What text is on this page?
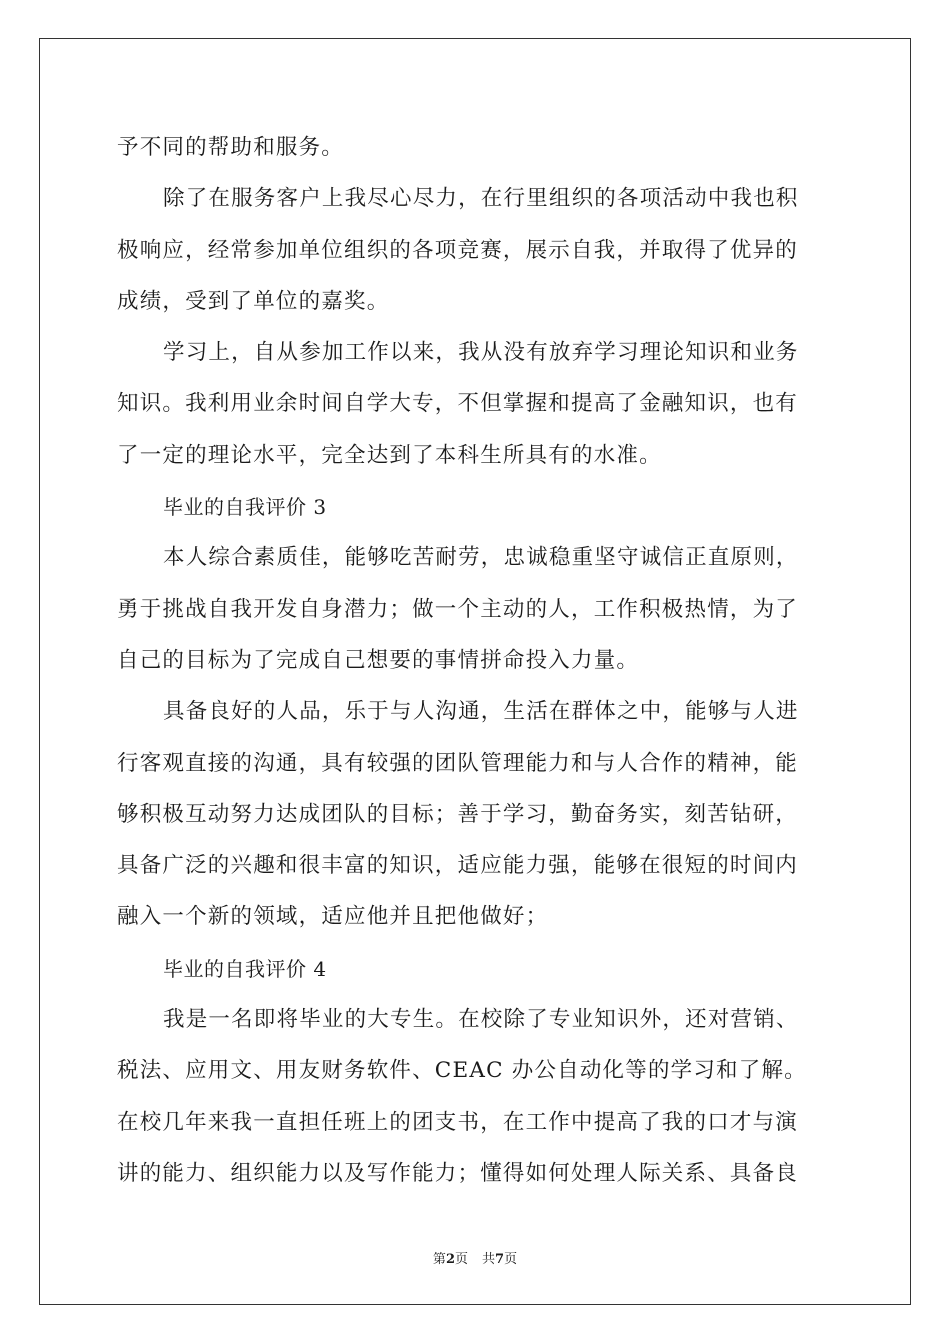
予不同的帮助和服务。
除了在服务客户上我尽心尽力，在行里组织的各项活动中我也积
极响应，经常参加单位组织的各项竞赛，展示自我，并取得了优异的
成绩，受到了单位的嘉奖。
学习上，自从参加工作以来，我从没有放弃学习理论知识和业务
知识。我利用业余时间自学大专，不但掌握和提高了金融知识，也有
了一定的理论水平，完全达到了本科生所具有的水准。
毕业的自我评价 3
本人综合素质佳，能够吃苦耐劳，忠诚稳重坚守诚信正直原则，
勇于挑战自我开发自身潜力；做一个主动的人，工作积极热情，为了
自己的目标为了完成自己想要的事情拼命投入力量。
具备良好的人品，乐于与人沟通，生活在群体之中，能够与人进
行客观直接的沟通，具有较强的团队管理能力和与人合作的精神，能
够积极互动努力达成团队的目标；善于学习，勤奋务实，刻苦钻研，
具备广泛的兴趣和很丰富的知识，适应能力强，能够在很短的时间内
融入一个新的领域，适应他并且把他做好；
毕业的自我评价 4
我是一名即将毕业的大专生。在校除了专业知识外，还对营销、
税法、应用文、用友财务软件、CEAC 办公自动化等的学习和了解。
在校几年来我一直担任班上的团支书，在工作中提高了我的口才与演
讲的能力、组织能力以及写作能力；懂得如何处理人际关系、具备良
第2页 共7页
